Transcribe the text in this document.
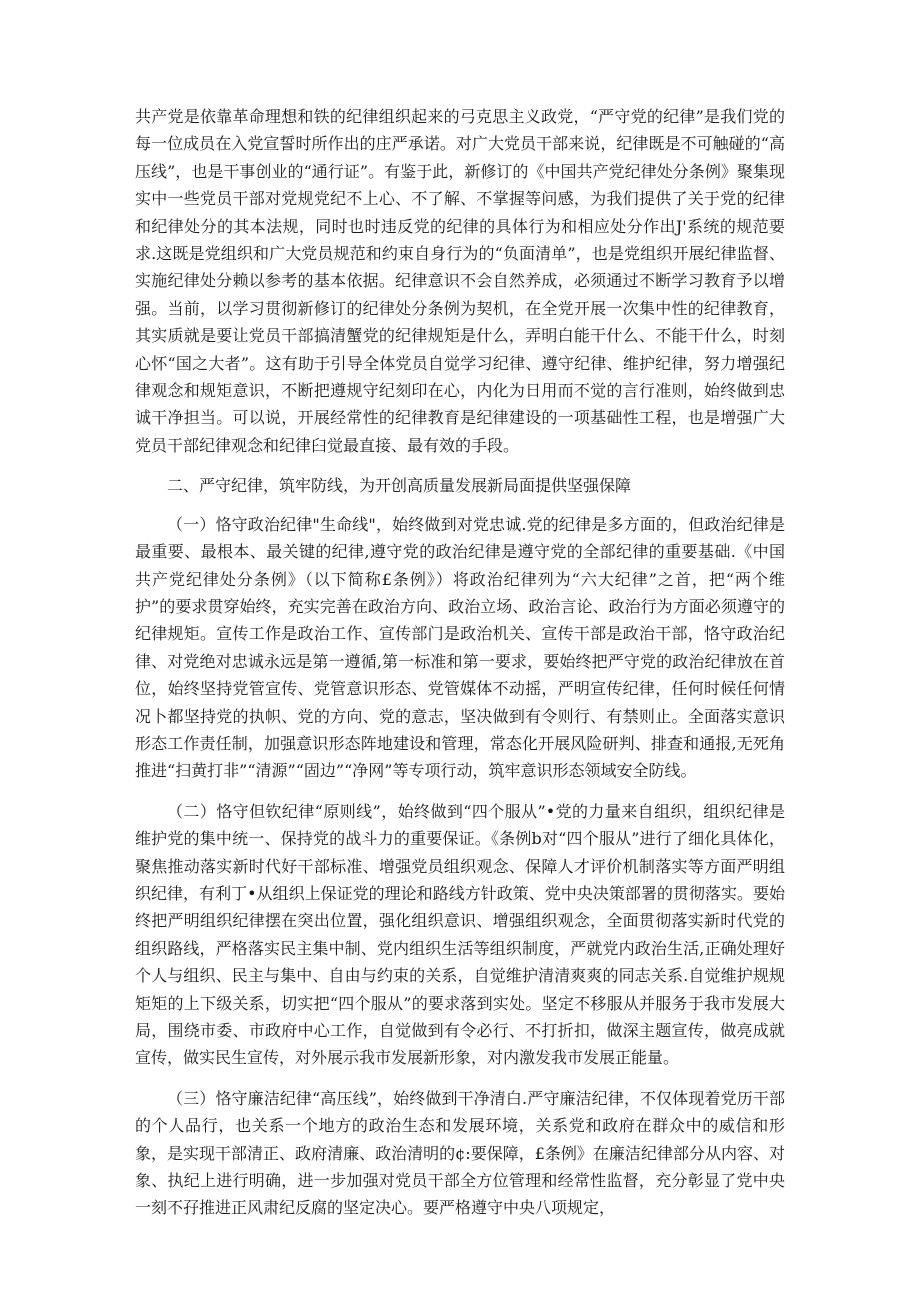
共产党是依靠革命理想和铁的纪律组织起来的弓克思主义政党，“严守党的纪律”是我们党的每一位成员在入党宣誓时所作出的庄严承诺。对广大党员干部来说，纪律既是不可触碰的“高压线”，也是干事创业的“通行证”。有鉴于此，新修订的《中国共产党纪律处分条例》聚集现实中一些党员干部对党规党纪不上心、不了解、不掌握等问感，为我们提供了关于党的纪律和纪律处分的其本法规，同时也时违反党的纪律的具体行为和相应处分作出J'系统的规范要求.这既是党组织和广大党员规范和约束自身行为的“负面清单”，也是党组织开展纪律监督、实施纪律处分赖以参考的基本依据。纪律意识不会自然养成，必须通过不断学习教育予以增强。当前，以学习贯彻新修订的纪律处分条例为契机，在全党开展一次集中性的纪律教育，其实质就是要让党员干部搞清蟹党的纪律规矩是什么，弄明白能干什么、不能干什么，时刻心怀“国之大者”。这有助于引导全体党员自觉学习纪律、遵守纪律、维护纪律，努力增强纪律观念和规矩意识，不断把遵规守纪刻印在心，内化为日用而不觉的言行准则，始终做到忠诚干净担当。可以说，开展经常性的纪律教育是纪律建设的一项基础性工程，也是增强广大党员干部纪律观念和纪律臼觉最直接、最有效的手段。

二、严守纪律，筑牢防线，为开创高质量发展新局面提供坚强保障

（一）恪守政治纪律"生命线"，始终做到对党忠诚.党的纪律是多方面的，但政治纪律是最重要、最根本、最关键的纪律,遵守党的政治纪律是遵守党的全部纪律的重要基础.《中国共产党纪律处分条例》（以下简称£条例》）将政治纪律列为“六大纪律”之首，把“两个维护”的要求贯穿始终，充实完善在政治方向、政治立场、政治言论、政治行为方面必须遵守的纪律规矩。宣传工作是政治工作、宣传部门是政治机关、宣传干部是政治干部，恪守政治纪律、对党绝对忠诚永远是第一遵循,第一标准和第一要求，要始终把严守党的政治纪律放在首位，始终坚持党管宣传、党管意识形态、党管媒体不动摇，严明宣传纪律，任何时候任何情况卜都坚持党的执帜、党的方向、党的意志，坚决做到有令则行、有禁则止。全面落实意识形态工作责任制，加强意识形态阵地建设和管理，常态化开展风险研判、排查和通报,无死角推进“扫黄打非”“清源”“固边”“净网”等专项行动，筑牢意识形态领域安全防线。

（二）恪守但钦纪律“原则线”，始终做到“四个服从”•党的力量来自组织，组织纪律是维护党的集中统一、保持党的战斗力的重要保证。《条例b对“四个服从”进行了细化具体化，聚焦推动落实新时代好干部标准、增强党员组织观念、保障人才评价机制落实等方面严明组织纪律，有利丁•从组织上保证党的理论和路线方针政策、党中央决策部署的贯彻落实。要始终把严明组织纪律摆在突出位置，强化组织意识、增强组织观念，全面贯彻落实新时代党的组织路线，严格落实民主集中制、党内组织生活等组织制度，严就党内政治生活,正确处理好个人与组织、民主与集中、自由与约束的关系，自觉维护清清爽爽的同志关系.自觉维护规规矩矩的上下级关系，切实把“四个服从”的要求落到实处。坚定不移服从并服务于我市发展大局，围绕市委、市政府中心工作，自觉做到有令必行、不打折扣，做深主题宣传，做亮成就宣传，做实民生宣传，对外展示我市发展新形象，对内激发我市发展正能量。

（三）恪守廉洁纪律“高压线”，始终做到干净清白.严守廉洁纪律，不仅体现着党历干部的个人品行，也关系一个地方的政治生态和发展环境，关系党和政府在群众中的威信和形象，是实现干部清正、政府清廉、政治清明的¢:要保障，£条例》在廉洁纪律部分从内容、对象、执纪上进行明确，进一步加强对党员干部全方位管理和经常性监督，充分彰显了党中央一刻不孖推进正风肃纪反腐的坚定决心。要严格遵守中央八项规定，
